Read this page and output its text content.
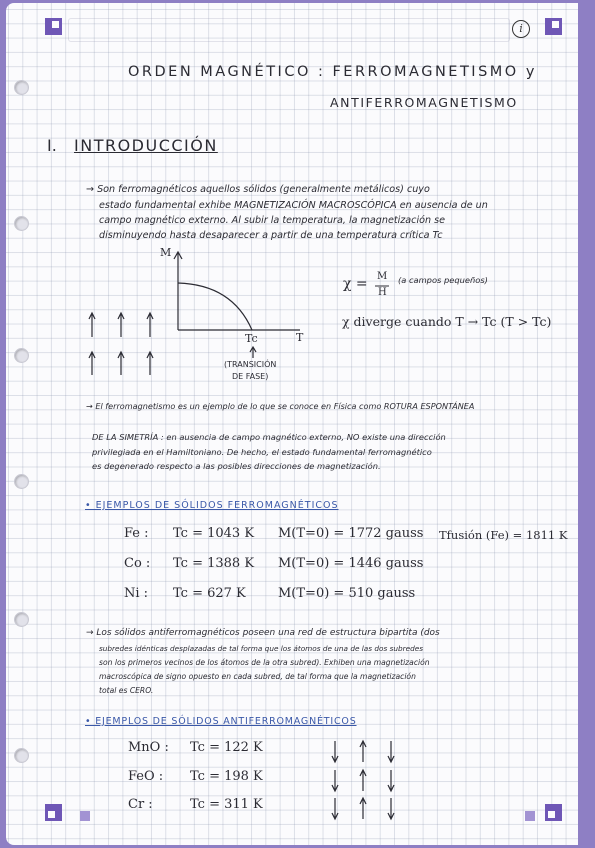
i
ORDEN MAGNÉTICO : FERROMAGNETISMO y
ANTIFERROMAGNETISMO
I. INTRODUCCIÓN
→ Son ferromagnéticos aquellos sólidos (generalmente metálicos) cuyo
estado fundamental exhibe MAGNETIZACIÓN MACROSCÓPICA en ausencia de un
campo magnético externo. Al subir la temperatura, la magnetización se
disminuyendo hasta desaparecer a partir de una temperatura crítica Tc
M
T
Tc
(TRANSICIÓN
DE FASE)
χ = M
H
(a campos pequeños)
χ diverge cuando T → Tc (T > Tc)
→ El ferromagnetismo es un ejemplo de lo que se conoce en Física como ROTURA ESPONTÁNEA
DE LA SIMETRÍA : en ausencia de campo magnético externo, NO existe una dirección
privilegiada en el Hamiltoniano. De hecho, el estado fundamental ferromagnético
es degenerado respecto a las posibles direcciones de magnetización.
• EJEMPLOS DE SÓLIDOS FERROMAGNÉTICOS
Fe : Tc = 1043 K M(T=0) = 1772 gauss Tfusión (Fe) = 1811 K
Co : Tc = 1388 K M(T=0) = 1446 gauss
Ni : Tc = 627 K M(T=0) = 510 gauss
→ Los sólidos antiferromagnéticos poseen una red de estructura bipartita (dos
subredes idénticas desplazadas de tal forma que los átomos de una de las dos subredes
son los primeros vecinos de los átomos de la otra subred). Exhiben una magnetización
macroscópica de signo opuesto en cada subred, de tal forma que la magnetización
total es CERO.
• EJEMPLOS DE SÓLIDOS ANTIFERROMAGNÉTICOS
MnO : Tc = 122 K
FeO : Tc = 198 K
Cr :	Tc = 311 K
